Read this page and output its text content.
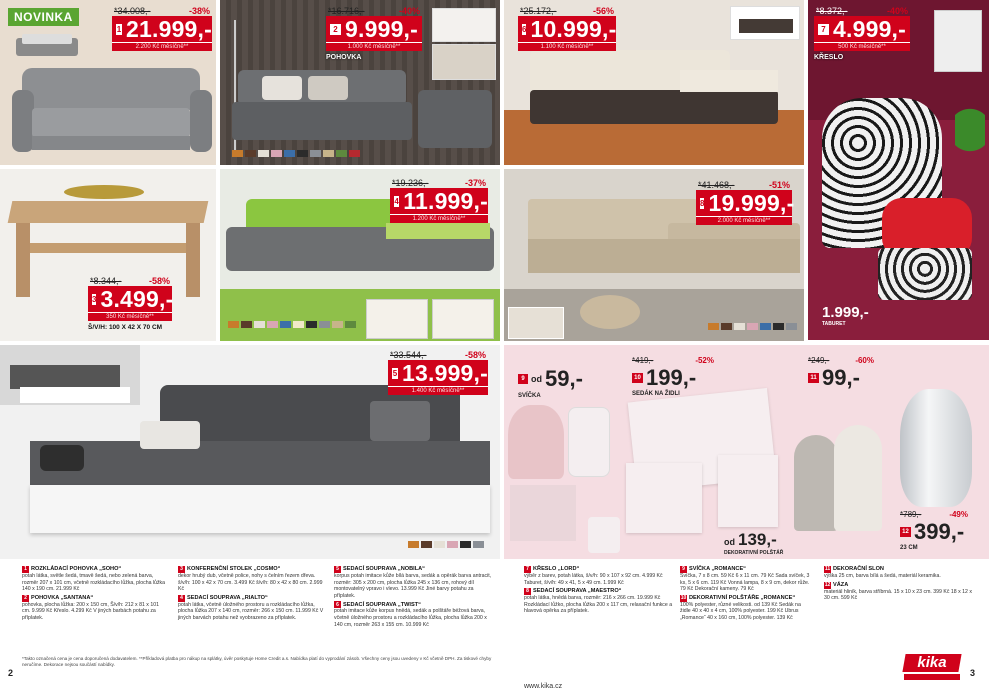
NOVINKA
1.999,-
TABURET
*34.008,-	-38%
1 21.999,-
2.200 Kč měsíčně**
*16.716,-	-40%
2 9.999,-
1.000 Kč měsíčně**
POHOVKA
*25.172,-	-56%
6 10.999,-
1.100 Kč měsíčně**
*8.372,-	-40%
7 4.999,-
500 Kč měsíčně**
KŘESLO
*8.344,-	-58%
3 3.499,-
350 Kč měsíčně**
Š/V/H: 100 X 42 X 70 CM
*19.236,-	-37%
4 11.999,-
1.200 Kč měsíčně**
*41.468,-	-51%
8 19.999,-
2.000 Kč měsíčně**
*33.544,-	-58%
5 13.999,-
1.400 Kč měsíčně**
9 od 59,-
SVÍČKA
*419,-	-52%
10 199,-
SEDÁK NA ŽIDLI
*249,-	-60%
11 99,-
od 139,-
DEKORATIVNÍ POLŠTÁŘ
*789,-	-49%
12 399,-
23 CM
1 ROZKLÁDACÍ POHOVKA „SOHO“
potah látka, světle šedá, tmavě šedá, nebo zelená barva, rozměr 207 x 101 cm, včetně rozkládacího lůžka, plocha lůžka 140 x 190 cm. 21.999 Kč
2 POHOVKA „SANTANA“
pohovka, plocha lůžka: 200 x 150 cm, Š/v/h: 212 x 81 x 101 cm. 9.999 Kč Křeslo. 4.299 Kč V jiných barbách potahu za příplatek.
3 KONFERENČNÍ STOLEK „COSMO“
dekor hrubý dub, včetně police, nohy s čelním řezem dřeva. š/v/h: 100 x 42 x 70 cm. 3.499 Kč š/v/h: 80 x 42 x 80 cm. 2.999 Kč
4 SEDACÍ SOUPRAVA „RIALTO“
potah látka, včetně úložného prostoru a rozkládacího lůžka, plocha lůžka 207 x 140 cm, rozměr: 266 x 150 cm. 11.999 Kč V jiných barvách potahu než vyobrazeno za příplatek.
5 SEDACÍ SOUPRAVA „NOBILA“
korpus potah imitace kůže bílá barva, sedák a opěrák barva antracit, rozměr: 305 x 200 cm, plocha lůžka 245 x 136 cm, rohový díl montovatelný vpravo i vlevo. 13.999 Kč Jiné barvy potahu za příplatek.
6 SEDACÍ SOUPRAVA „TWIST“
potah imitace kůže korpus hnědá, sedák a polštáře béžová barva, včetně úložného prostoru a rozkládacího lůžka, plocha lůžka 200 x 140 cm, rozměr 263 x 155 cm. 10.999 Kč
7 KŘESLO „LORD“
výběr z barev, potah látka, š/v/h: 90 x 107 x 92 cm. 4.999 Kč Taburet, š/v/h: 49 x 41, 5 x 49 cm. 1.999 Kč
8 SEDACÍ SOUPRAVA „MAESTRO“
potah látka, hnědá barva, rozměr: 216 x 266 cm. 19.999 Kč Rozkládací lůžko, plocha lůžka 200 x 117 cm, relaxační funkce a hlavová opěrka za příplatek.
9 SVÍČKA „ROMANCE“
Svíčka, 7 x 8 cm. 59 Kč 6 x 11 cm. 79 Kč Sada svíček, 3 ks, 5 x 6 cm. 119 Kč Vonná lampa, 8 x 9 cm, dekor růže. 79 Kč Dekorační kameny. 79 Kč
10 DEKORATIVNÍ POLŠTÁŘE „ROMANCE“
100% polyester, různé velikosti. od 139 Kč Sedák na židle 40 x 40 x 4 cm, 100% polyester. 199 Kč Ubrus „Romance“ 40 x 160 cm, 100% polyester. 139 Kč
11 DEKORAČNÍ SLON
výška 25 cm, barva bílá a šedá, materiál keramika.
12 VÁZA
materiál hliník, barva stříbrná. 15 x 10 x 23 cm. 399 Kč 18 x 12 x 30 cm. 599 Kč
*Takto označená cena je cena doporučená dodavatelem. **Příkladová platba pro nákup na splátky, úvěr poskytuje Home Credit a.s. Nabídka platí do vyprodání zásob. Všechny ceny jsou uvedeny v Kč včetně DPH. Za tiskové chyby neručíme. Dekorace nejsou součástí nabídky.
2	3
www.kika.cz
kika
